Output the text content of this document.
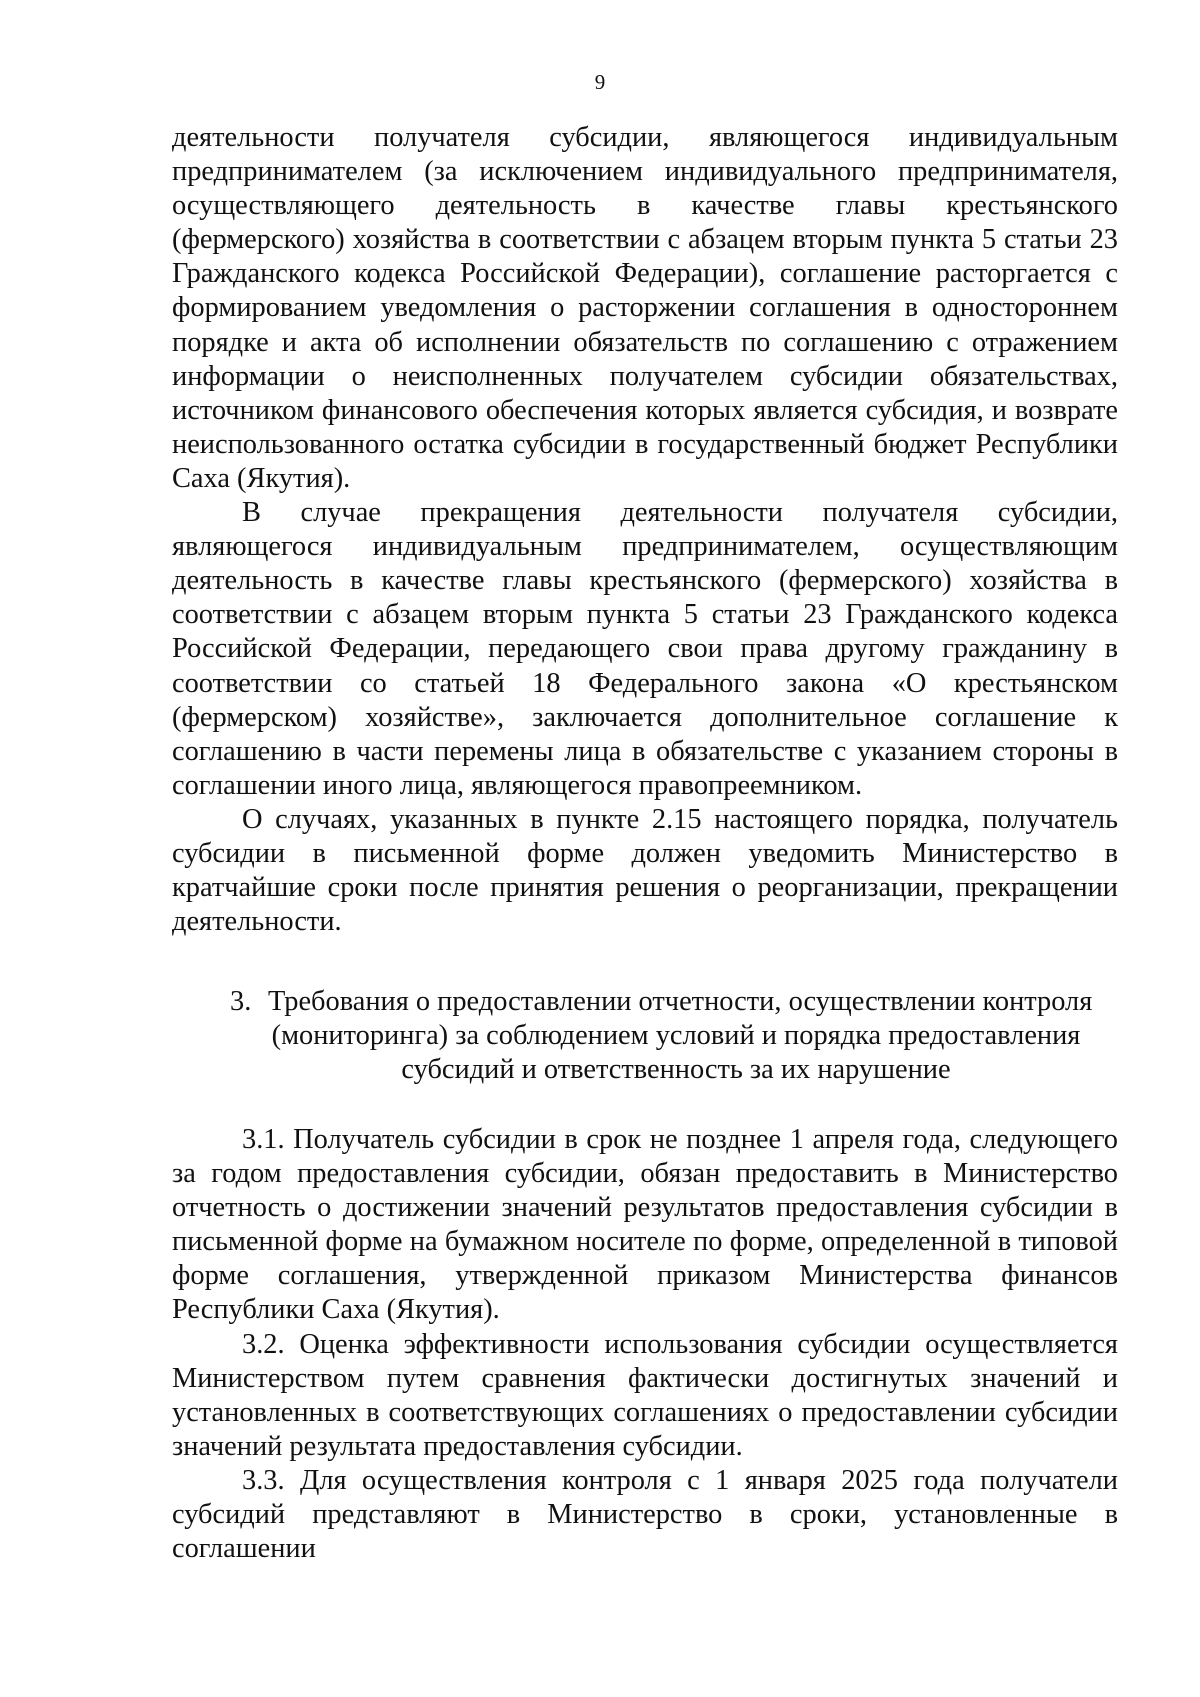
9

деятельности получателя субсидии, являющегося индивидуальным предпринимателем (за исключением индивидуального предпринимателя, осуществляющего деятельность в качестве главы крестьянского (фермерского) хозяйства в соответствии с абзацем вторым пункта 5 статьи 23 Гражданского кодекса Российской Федерации), соглашение расторгается с формированием уведомления о расторжении соглашения в одностороннем порядке и акта об исполнении обязательств по соглашению с отражением информации о неисполненных получателем субсидии обязательствах, источником финансового обеспечения которых является субсидия, и возврате неиспользованного остатка субсидии в государственный бюджет Республики Саха (Якутия).

В случае прекращения деятельности получателя субсидии, являющегося индивидуальным предпринимателем, осуществляющим деятельность в качестве главы крестьянского (фермерского) хозяйства в соответствии с абзацем вторым пункта 5 статьи 23 Гражданского кодекса Российской Федерации, передающего свои права другому гражданину в соответствии со статьей 18 Федерального закона «О крестьянском (фермерском) хозяйстве», заключается дополнительное соглашение к соглашению в части перемены лица в обязательстве с указанием стороны в соглашении иного лица, являющегося правопреемником.

О случаях, указанных в пункте 2.15 настоящего порядка, получатель субсидии в письменной форме должен уведомить Министерство в кратчайшие сроки после принятия решения о реорганизации, прекращении деятельности.

3. Требования о предоставлении отчетности, осуществлении контроля
(мониторинга) за соблюдением условий и порядка предоставления
субсидий и ответственность за их нарушение

3.1. Получатель субсидии в срок не позднее 1 апреля года, следующего за годом предоставления субсидии, обязан предоставить в Министерство отчетность о достижении значений результатов предоставления субсидии в письменной форме на бумажном носителе по форме, определенной в типовой форме соглашения, утвержденной приказом Министерства финансов Республики Саха (Якутия).

3.2. Оценка эффективности использования субсидии осуществляется Министерством путем сравнения фактически достигнутых значений и установленных в соответствующих соглашениях о предоставлении субсидии значений результата предоставления субсидии.

3.3. Для осуществления контроля с 1 января 2025 года получатели субсидий представляют в Министерство в сроки, установленные в соглашении
